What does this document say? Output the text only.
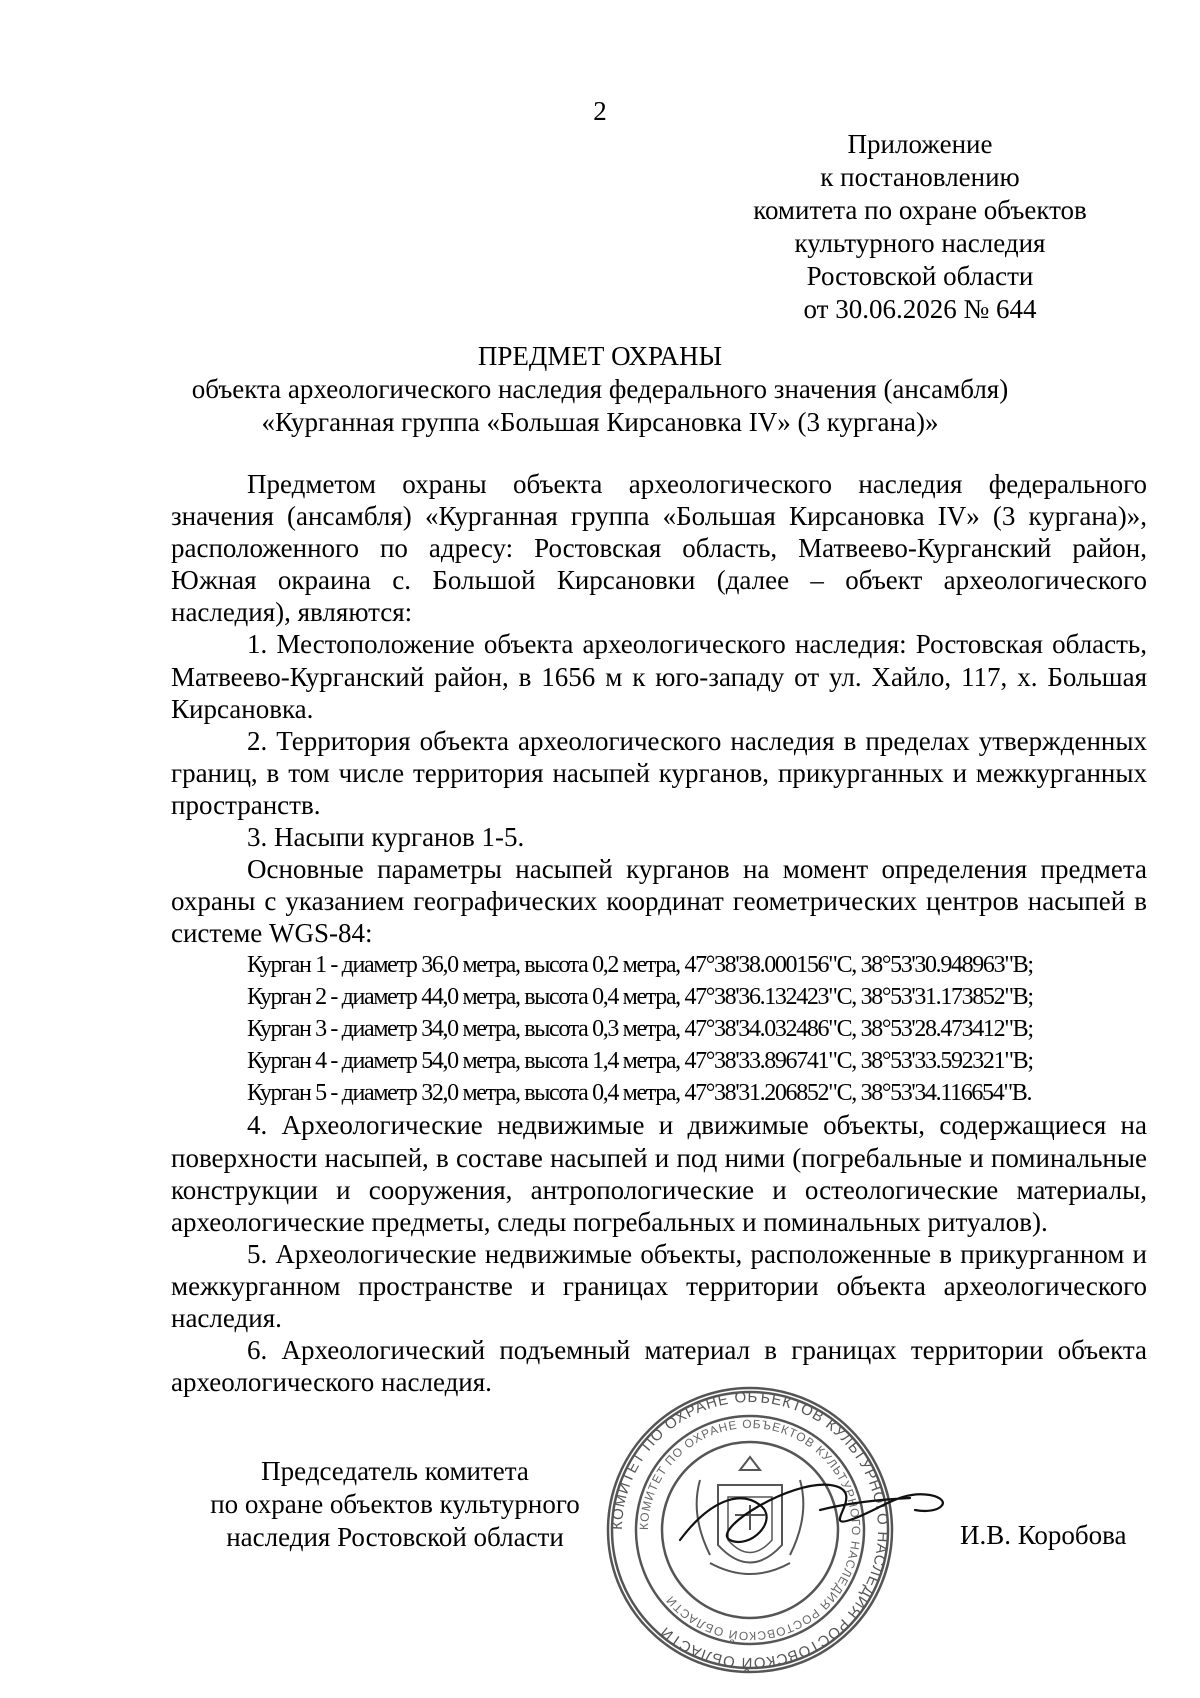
2
Приложение
к постановлению
комитета по охране объектов
культурного наследия
Ростовской области
от 30.06.2026 № 644
ПРЕДМЕТ ОХРАНЫ
объекта археологического наследия федерального значения (ансамбля)
«Курганная группа «Большая Кирсановка IV» (3 кургана)»

Предметом охраны объекта археологического наследия федерального значения (ансамбля) «Курганная группа «Большая Кирсановка IV» (3 кургана)», расположенного по адресу: Ростовская область, Матвеево-Курганский район, Южная окраина с. Большой Кирсановки (далее – объект археологического наследия), являются:

1. Местоположение объекта археологического наследия: Ростовская область, Матвеево-Курганский район, в 1656 м к юго-западу от ул. Хайло, 117, х. Большая Кирсановка.

2. Территория объекта археологического наследия в пределах утвержденных границ, в том числе территория насыпей курганов, прикурганных и межкурганных пространств.

3. Насыпи курганов 1-5.

Основные параметры насыпей курганов на момент определения предмета охраны с указанием географических координат геометрических центров насыпей в системе WGS-84:

Курган 1 - диаметр 36,0 метра, высота 0,2 метра, 47°38'38.000156"С, 38°53'30.948963"В;
Курган 2 - диаметр 44,0 метра, высота 0,4 метра, 47°38'36.132423"С, 38°53'31.173852"В;
Курган 3 - диаметр 34,0 метра, высота 0,3 метра, 47°38'34.032486"С, 38°53'28.473412"В;
Курган 4 - диаметр 54,0 метра, высота 1,4 метра, 47°38'33.896741"С, 38°53'33.592321"В;
Курган 5 - диаметр 32,0 метра, высота 0,4 метра, 47°38'31.206852"С, 38°53'34.116654"В.

4. Археологические недвижимые и движимые объекты, содержащиеся на поверхности насыпей, в составе насыпей и под ними (погребальные и поминальные конструкции и сооружения, антропологические и остеологические материалы, археологические предметы, следы погребальных и поминальных ритуалов).

5. Археологические недвижимые объекты, расположенные в прикурганном и межкурганном пространстве и границах территории объекта археологического наследия.

6. Археологический подъемный материал в границах территории объекта археологического наследия.

КОМИТЕТ ПО ОХРАНЕ ОБЪЕКТОВ КУЛЬТУРНОГО НАСЛЕДИЯ РОСТОВСКОЙ ОБЛАСТИ
КОМИТЕТ ПО ОХРАНЕ ОБЪЕКТОВ КУЛЬТУРНОГО НАСЛЕДИЯ РОСТОВСКОЙ ОБЛАСТИ
Председатель комитета
по охране объектов культурного
наследия Ростовской области	И.В. Коробова
